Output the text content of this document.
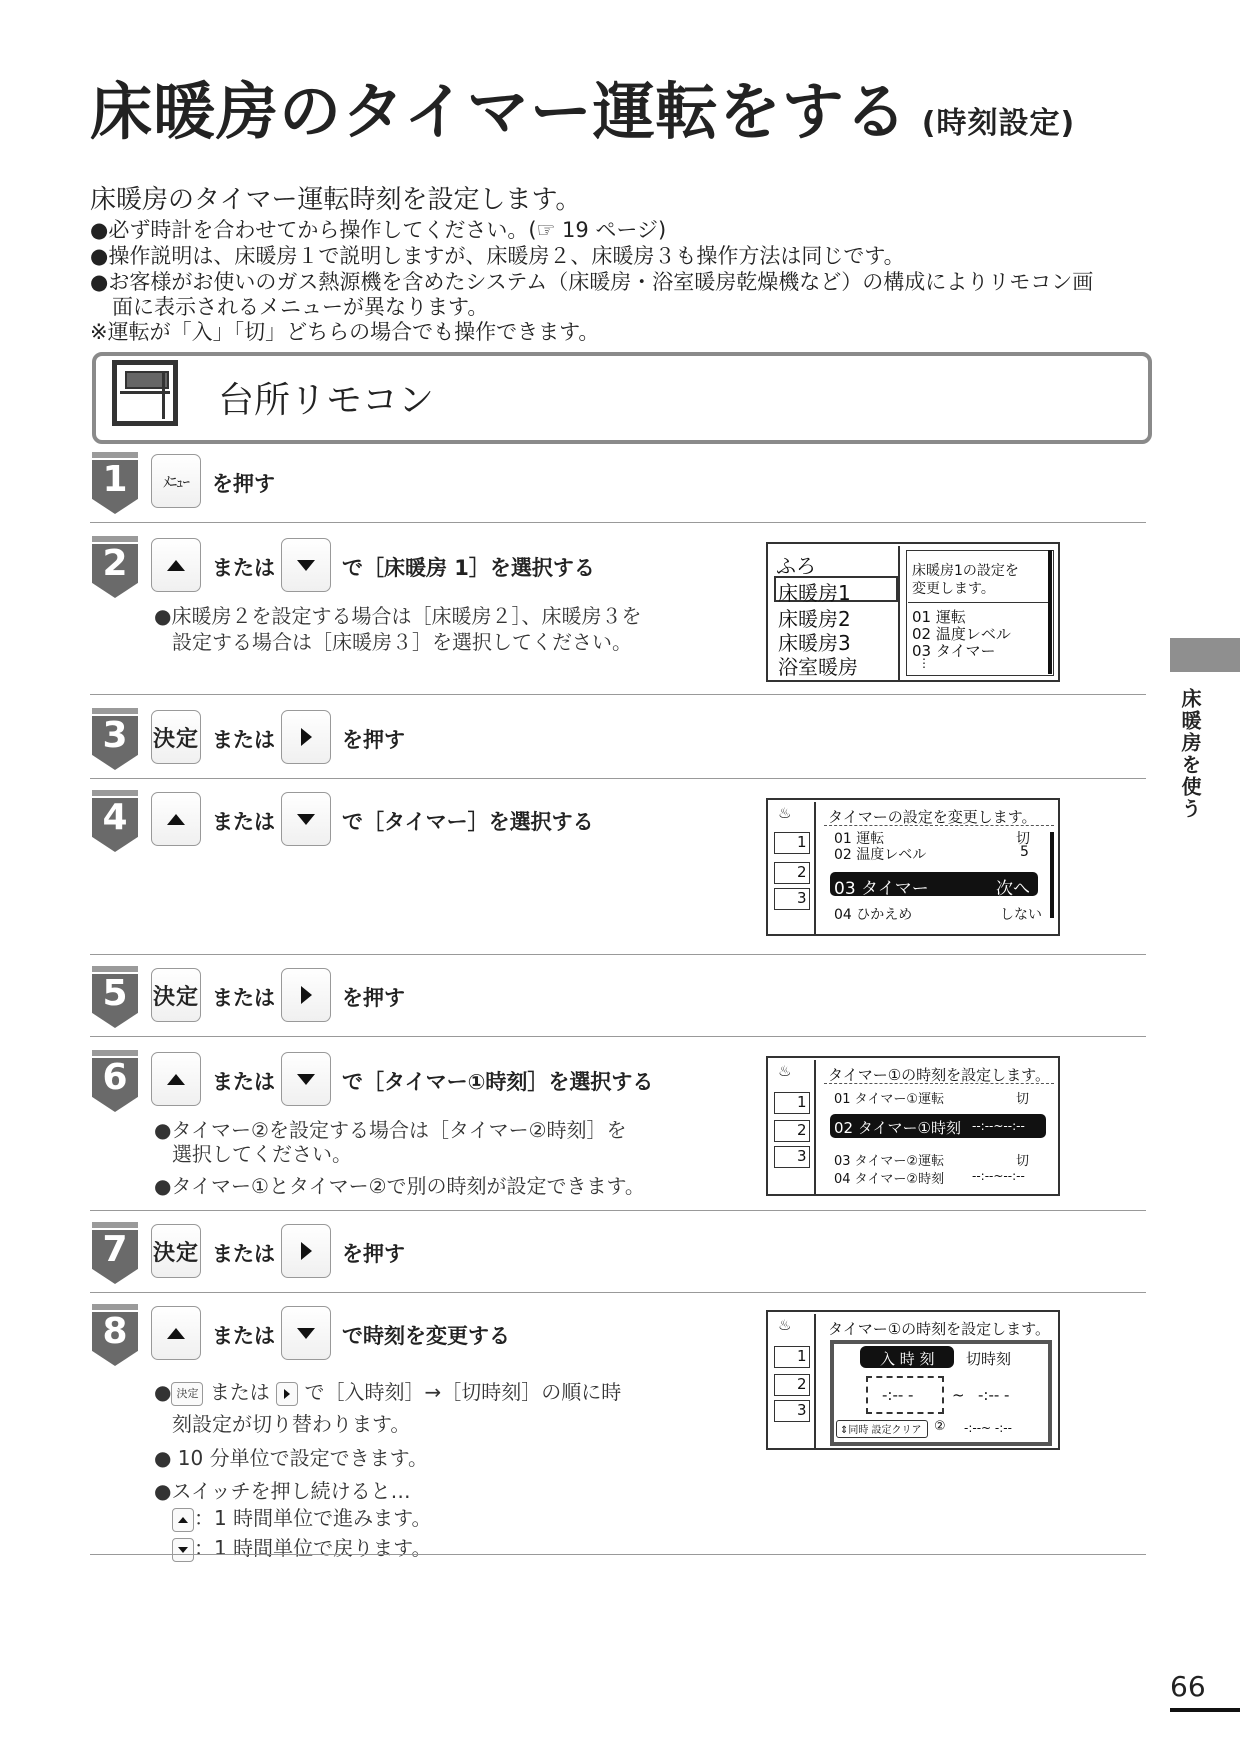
床暖房のタイマー運転をする (時刻設定)
床暖房のタイマー運転時刻を設定します。
●必ず時計を合わせてから操作してください。(☞ 19 ページ)
●操作説明は、床暖房１で説明しますが、床暖房２、床暖房３も操作方法は同じです。
●お客様がお使いのガス熱源機を含めたシステム（床暖房・浴室暖房乾燥機など）の構成によりリモコン画
面に表示されるメニューが異なります。
※運転が「入」「切」どちらの場合でも操作できます。
台所リモコン
1	ﾒﾆｭｰ	を押す
2	または	で［床暖房 1］を選択する
●床暖房２を設定する場合は［床暖房２］、床暖房３を
設定する場合は［床暖房３］を選択してください。
ふろ
床暖房1
床暖房2
床暖房3
浴室暖房
床暖房1の設定を
変更します。
01 運転
02 温度レベル
03 タイマー
⋮
3	決定 または	を押す
4	または	で［タイマー］を選択する	♨ タイマーの設定を変更します。
1
2
3
01 運転	切
02 温度レベル	5
03 タイマー	次へ
04 ひかえめ	しない
5	決定 または	を押す
6	または	で［タイマー①時刻］を選択する
●タイマー②を設定する場合は［タイマー②時刻］を
選択してください。
●タイマー①とタイマー②で別の時刻が設定できます。
♨ タイマー①の時刻を設定します。
1
2
3
01 タイマー①運転	切
02 タイマー①時刻 --:--~--:--
03 タイマー②運転	切
04 タイマー②時刻 --:--~--:--
7	決定 または	を押す
8	または	で時刻を変更する
● 決定 または で［入時刻］→［切時刻］の順に時
刻設定が切り替わります。
● 10 分単位で設定できます。
●スイッチを押し続けると…
：1 時間単位で進みます。
：1 時間単位で戻ります。
♨ タイマー①の時刻を設定します。
1
2
3
入 時 刻 切時刻
-:-- -	~ -:-- -
⇕同時 設定クリア ② -:--~ -:--
床暖房を使う
66
